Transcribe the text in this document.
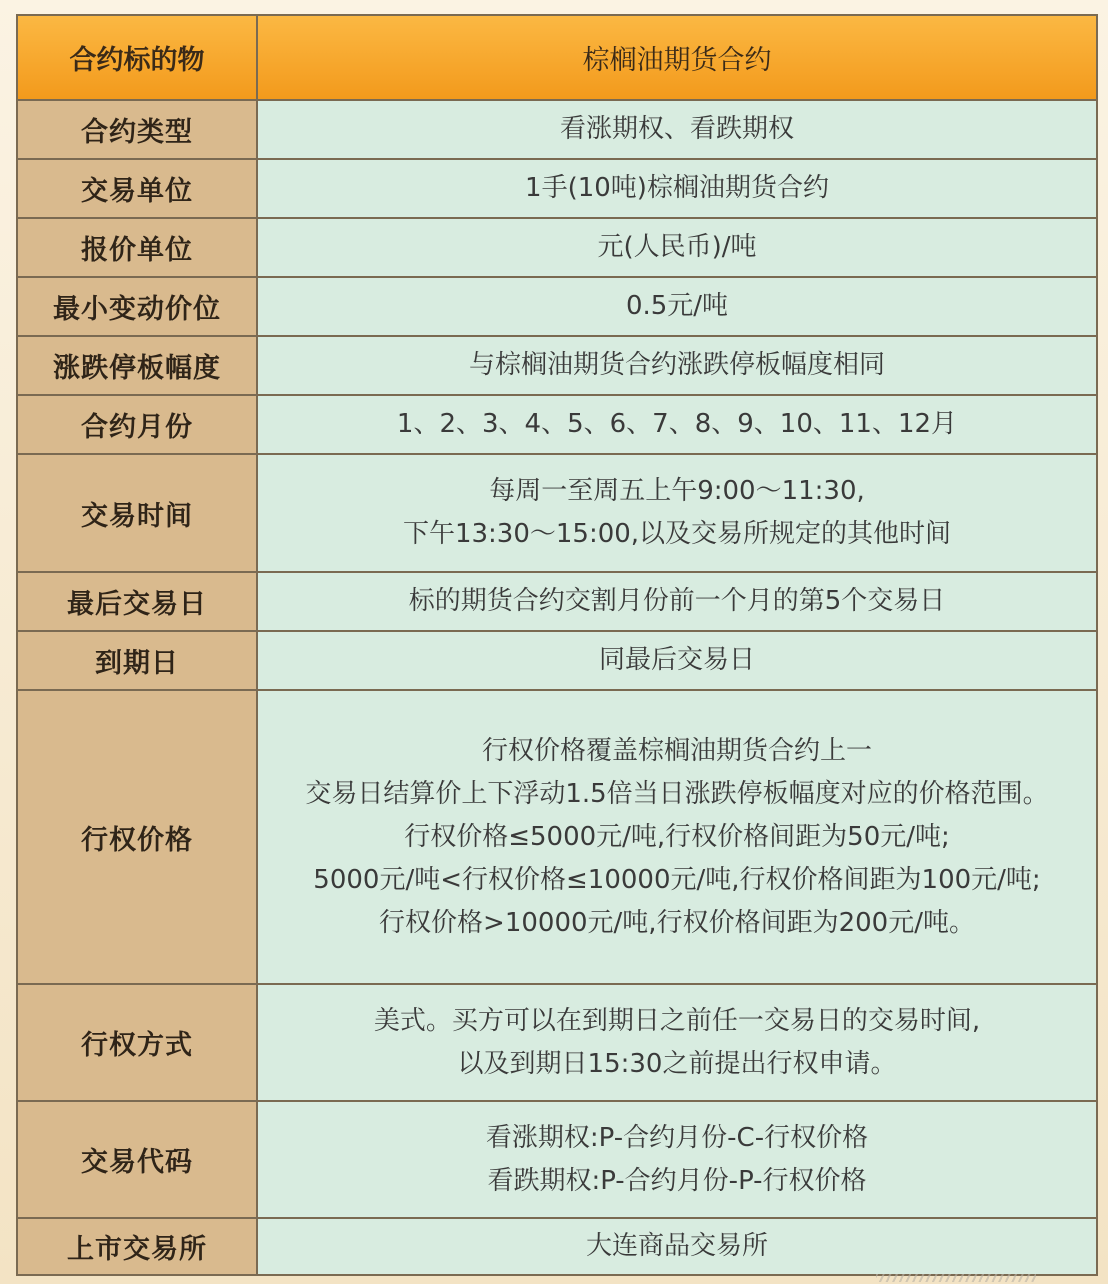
合约标的物	棕榈油期货合约
合约类型	看涨期权、看跌期权

交易单位	1手(10吨)棕榈油期货合约

报价单位	元(人民币)/吨

最小变动价位	0.5元/吨

涨跌停板幅度	与棕榈油期货合约涨跌停板幅度相同

合约月份	1、2、3、4、5、6、7、8、9、10、11、12月

交易时间	每周一至周五上午9:00～11:30,
下午13:30～15:00,以及交易所规定的其他时间

最后交易日	标的期货合约交割月份前一个月的第5个交易日

到期日	同最后交易日

行权价格	行权价格覆盖棕榈油期货合约上一
交易日结算价上下浮动1.5倍当日涨跌停板幅度对应的价格范围。
行权价格≤5000元/吨,行权价格间距为50元/吨;
5000元/吨<行权价格≤10000元/吨,行权价格间距为100元/吨;
行权价格>10000元/吨,行权价格间距为200元/吨。

行权方式	美式。买方可以在到期日之前任一交易日的交易时间,
以及到期日15:30之前提出行权申请。

交易代码	看涨期权:P-合约月份-C-行权价格
看跌期权:P-合约月份-P-行权价格

上市交易所	大连商品交易所
